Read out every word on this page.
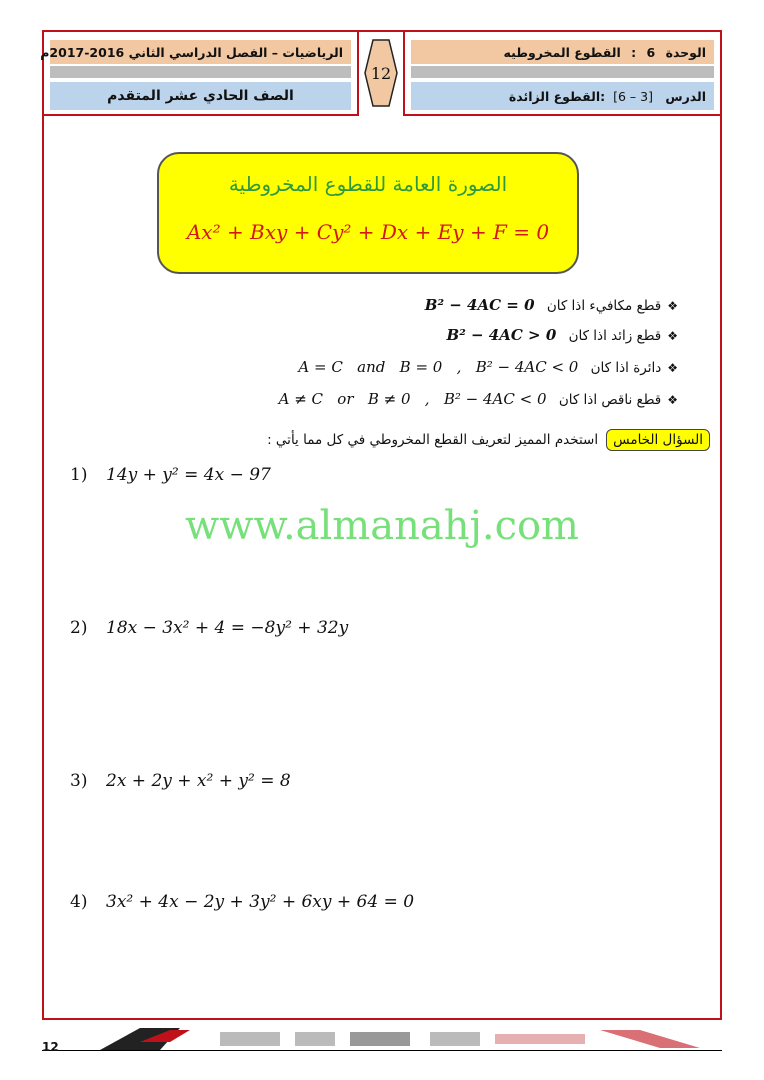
الرياضيات – الفصل الدراسي الثاني 2016-2017م
الصف الحادي عشر المتقدم
12
الوحدة 6 : القطوع المخروطيه
الدرس [6 – 3]:القطوع الزائدة
الصورة العامة للقطوع المخروطية
Ax² + Bxy + Cy² + Dx + Ey + F = 0
❖قطع مكافيء اذا كان B² − 4AC = 0
❖قطع زائد اذا كان B² − 4AC > 0
❖دائرة اذا كان A = C   and   B = 0   ,   B² − 4AC < 0
❖قطع ناقص اذا كان A ≠ C   or   B ≠ 0   ,   B² − 4AC < 0
السؤال الخامس
استخدم المميز لتعريف القطع المخروطي في كل مما يأتي :
1) 14y + y² = 4x − 97
2) 18x − 3x² + 4 = −8y² + 32y
3) 2x + 2y + x² + y² = 8
4) 3x² + 4x − 2y + 3y² + 6xy + 64 = 0
www.almanahj.com
12
